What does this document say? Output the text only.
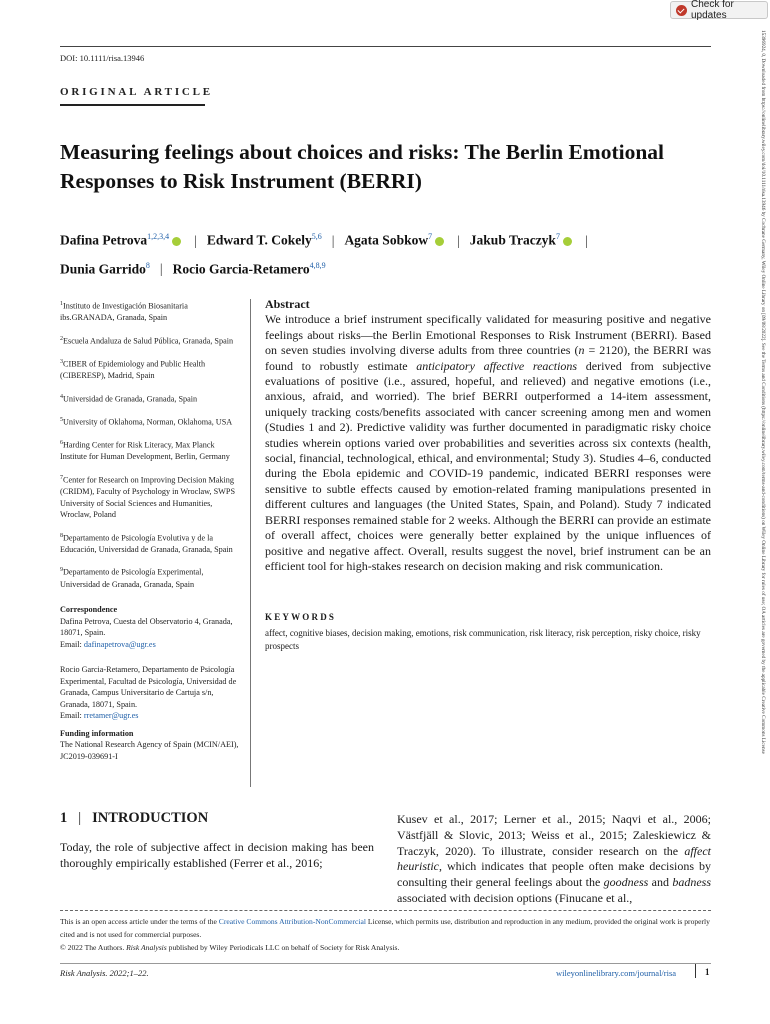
Check for updates
DOI: 10.1111/risa.13946
ORIGINAL ARTICLE
Measuring feelings about choices and risks: The Berlin Emotional Responses to Risk Instrument (BERRI)
Dafina Petrova$^{1,2,3,4}$ | Edward T. Cokely$^{5,6}$ | Agata Sobkow$^7$ | Jakub Traczyk$^7$ |
Dunia Garrido$^8$ | Rocio Garcia-Retamero$^{4,8,9}$
$^1$Instituto de Investigación Biosanitaria ibs.GRANADA, Granada, Spain
$^2$Escuela Andaluza de Salud Pública, Granada, Spain
$^3$CIBER of Epidemiology and Public Health (CIBERESP), Madrid, Spain
$^4$Universidad de Granada, Granada, Spain
$^5$University of Oklahoma, Norman, Oklahoma, USA
$^6$Harding Center for Risk Literacy, Max Planck Institute for Human Development, Berlin, Germany
$^7$Center for Research on Improving Decision Making (CRIDM), Faculty of Psychology in Wroclaw, SWPS University of Social Sciences and Humanities, Wroclaw, Poland
$^8$Departamento de Psicología Evolutiva y de la Educación, Universidad de Granada, Granada, Spain
$^9$Departamento de Psicología Experimental, Universidad de Granada, Granada, Spain
Correspondence
Dafina Petrova, Cuesta del Observatorio 4, Granada, 18071, Spain.
Email: dafinapetrova@ugr.es
Rocio Garcia-Retamero, Departamento de Psicología Experimental, Facultad de Psicología, Universidad de Granada, Campus Universitario de Cartuja s/n, Granada, 18071, Spain.
Email: rretamer@ugr.es
Funding information
The National Research Agency of Spain (MCIN/AEI), JC2019-039691-I
Abstract
We introduce a brief instrument specifically validated for measuring positive and negative feelings about risks—the Berlin Emotional Responses to Risk Instrument (BERRI). Based on seven studies involving diverse adults from three countries (n = 2120), the BERRI was found to robustly estimate anticipatory affective reactions derived from subjective evaluations of positive (i.e., assured, hopeful, and relieved) and negative emotions (i.e., anxious, afraid, and worried). The brief BERRI outperformed a 14-item assessment, uniquely tracking costs/benefits associated with cancer screening among men and women (Studies 1 and 2). Predictive validity was further documented in paradigmatic risky choice studies wherein options varied over probabilities and severities across six contexts (health, social, financial, technological, ethical, and environmental; Study 3). Studies 4–6, conducted during the Ebola epidemic and COVID-19 pandemic, indicated BERRI responses were sensitive to subtle effects caused by emotion-related framing manipulations presented in different cultures and languages (the United States, Spain, and Poland). Study 7 indicated BERRI responses remained stable for 2 weeks. Although the BERRI can provide an estimate of overall affect, choices were generally better explained by the unique influences of positive and negative affect. Overall, results suggest the novel, brief instrument can be an efficient tool for high-stakes research on decision making and risk communication.
KEYWORDS
affect, cognitive biases, decision making, emotions, risk communication, risk literacy, risk perception, risky choice, risky prospects
1 | INTRODUCTION
Today, the role of subjective affect in decision making has been thoroughly empirically established (Ferrer et al., 2016;
Kusev et al., 2017; Lerner et al., 2015; Naqvi et al., 2006; Västfjäll & Slovic, 2013; Weiss et al., 2015; Zaleskiewicz & Traczyk, 2020). To illustrate, consider research on the affect heuristic, which indicates that people often make decisions by consulting their general feelings about the goodness and badness associated with decision options (Finucane et al.,
This is an open access article under the terms of the Creative Commons Attribution-NonCommercial License, which permits use, distribution and reproduction in any medium, provided the original work is properly cited and is not used for commercial purposes.
© 2022 The Authors. Risk Analysis published by Wiley Periodicals LLC on behalf of Society for Risk Analysis.
Risk Analysis. 2022;1–22.	wileyonlinelibrary.com/journal/risa	1
15396924, 0, Downloaded from https://onlinelibrary.wiley.com/doi/10.1111/risa.13946 by Cochrane Germany, Wiley Online Library on [09/08/2022]. See the Terms and Conditions (https://onlinelibrary.wiley.com/terms-and-conditions) on Wiley Online Library for rules of use; OA articles are governed by the applicable Creative Commons License
